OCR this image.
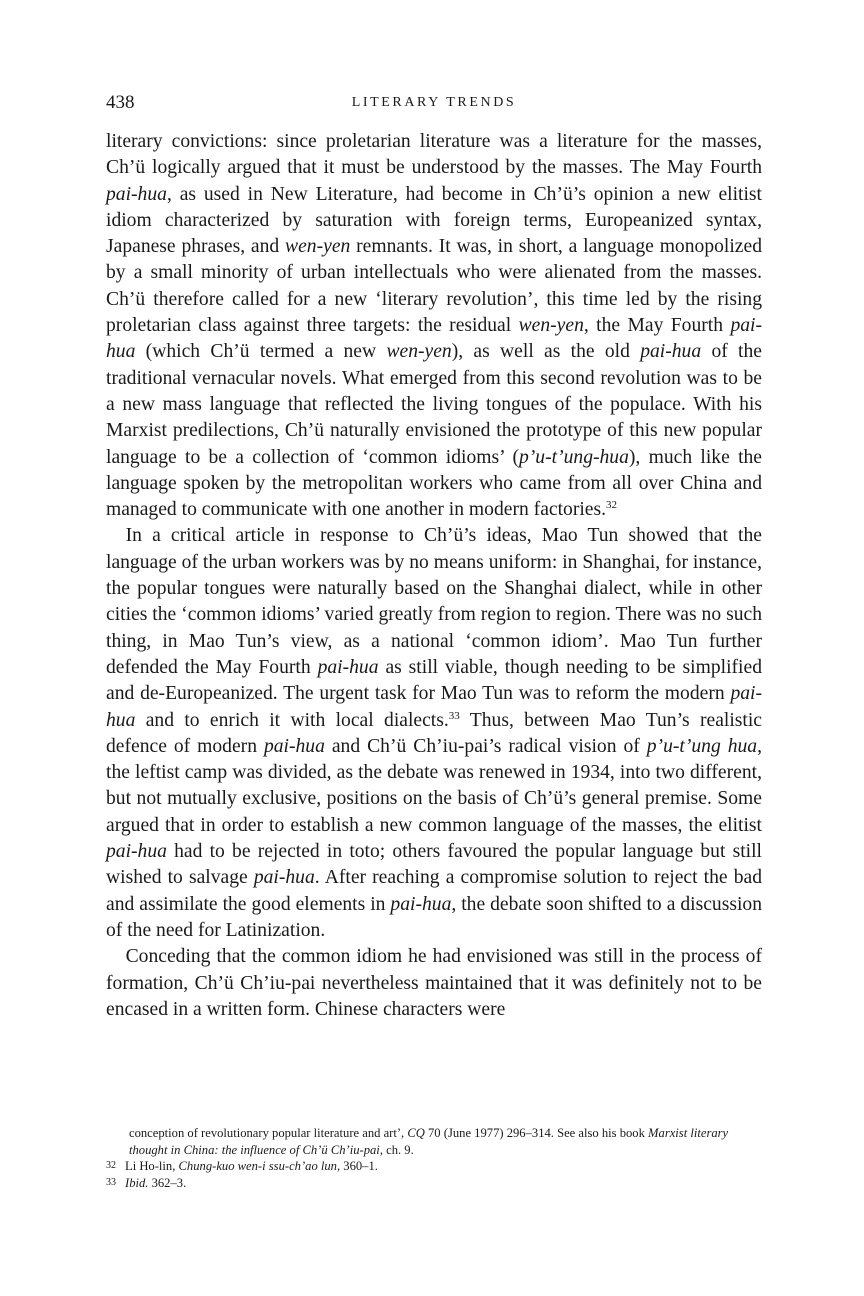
438	LITERARY TRENDS

literary convictions: since proletarian literature was a literature for the masses, Ch’ü logically argued that it must be understood by the masses. The May Fourth pai-hua, as used in New Literature, had become in Ch’ü’s opinion a new elitist idiom characterized by saturation with foreign terms, Europeanized syntax, Japanese phrases, and wen-yen remnants. It was, in short, a language monopolized by a small minority of urban intellectuals who were alienated from the masses. Ch’ü therefore called for a new ‘literary revolution’, this time led by the rising proletarian class against three targets: the residual wen-yen, the May Fourth pai-hua (which Ch’ü termed a new wen-yen), as well as the old pai-hua of the traditional vernacular novels. What emerged from this second revolution was to be a new mass language that reflected the living tongues of the populace. With his Marxist predilections, Ch’ü naturally envisioned the prototype of this new popular language to be a collection of ‘common idioms’ (p’u-t’ung-hua), much like the language spoken by the metropolitan workers who came from all over China and managed to communicate with one another in modern factories.$^{32}$

In a critical article in response to Ch’ü’s ideas, Mao Tun showed that the language of the urban workers was by no means uniform: in Shanghai, for instance, the popular tongues were naturally based on the Shanghai dialect, while in other cities the ‘common idioms’ varied greatly from region to region. There was no such thing, in Mao Tun’s view, as a national ‘common idiom’. Mao Tun further defended the May Fourth pai-hua as still viable, though needing to be simplified and de-Europeanized. The urgent task for Mao Tun was to reform the modern pai-hua and to enrich it with local dialects.$^{33}$ Thus, between Mao Tun’s realistic defence of modern pai-hua and Ch’ü Ch’iu-pai’s radical vision of p’u-t’ung hua, the leftist camp was divided, as the debate was renewed in 1934, into two different, but not mutually exclusive, positions on the basis of Ch’ü’s general premise. Some argued that in order to establish a new common language of the masses, the elitist pai-hua had to be rejected in toto; others favoured the popular language but still wished to salvage pai-hua. After reaching a compromise solution to reject the bad and assimilate the good elements in pai-hua, the debate soon shifted to a discussion of the need for Latinization.

Conceding that the common idiom he had envisioned was still in the process of formation, Ch’ü Ch’iu-pai nevertheless maintained that it was definitely not to be encased in a written form. Chinese characters were

conception of revolutionary popular literature and art’, CQ 70 (June 1977) 296–314. See also his book Marxist literary thought in China: the influence of Ch’ü Ch’iu-pai, ch. 9.

32 Li Ho-lin, Chung-kuo wen-i ssu-ch’ao lun, 360–1.

33 Ibid. 362–3.
